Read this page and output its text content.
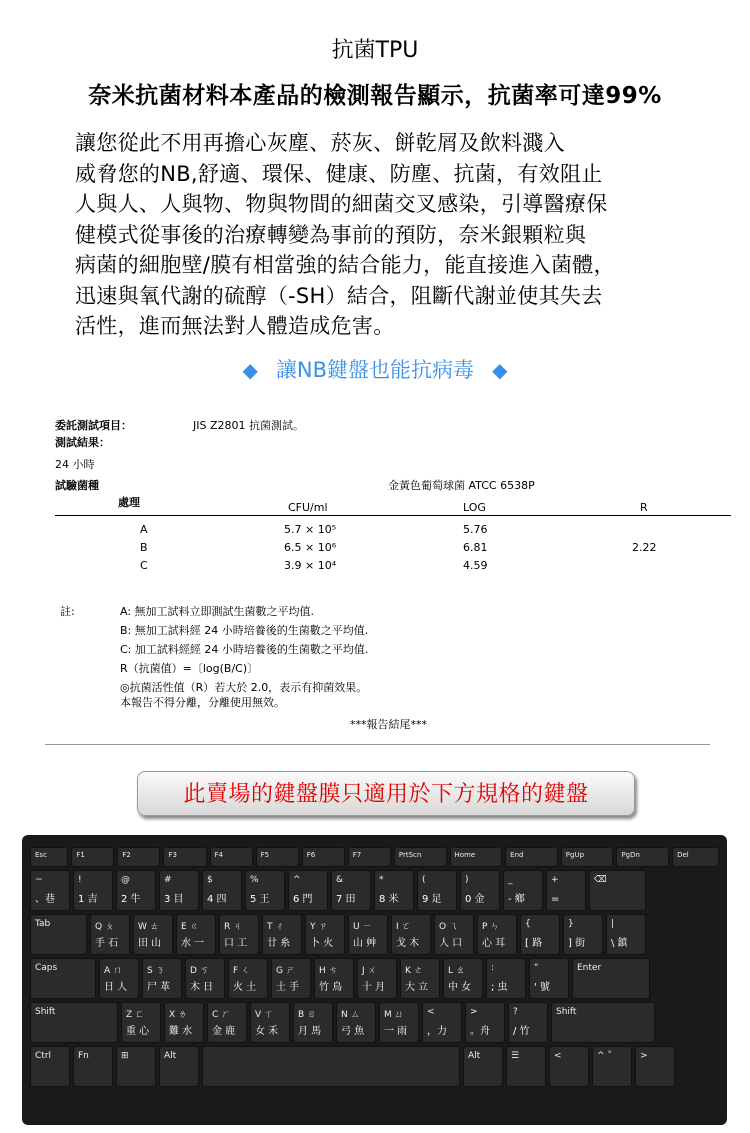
抗菌TPU
奈米抗菌材料本產品的檢測報告顯示，抗菌率可達99%
讓您從此不用再擔心灰塵、菸灰、餅乾屑及飲料濺入
威脅您的NB,舒適、環保、健康、防塵、抗菌，有效阻止
人與人、人與物、物與物間的細菌交叉感染，引導醫療保
健模式從事後的治療轉變為事前的預防，奈米銀顆粒與
病菌的細胞壁/膜有相當強的結合能力，能直接進入菌體，
迅速與氧代謝的硫醇（-SH）結合，阻斷代謝並使其失去
活性，進而無法對人體造成危害。
◆ 讓NB鍵盤也能抗病毒 ◆
委託測試項目：	JIS Z2801 抗菌測試。
測試結果：
24 小時
試驗菌種	金黃色葡萄球菌 ATCC 6538P
處理	CFU/ml	LOG	R
A	5.7 × 10⁵	5.76
B	6.5 × 10⁶	6.81	2.22
C	3.9 × 10⁴	4.59
註:	A: 無加工試料立即測試生菌數之平均值.
B: 無加工試料經 24 小時培養後的生菌數之平均值.
C: 加工試料經經 24 小時培養後的生菌數之平均值.
R（抗菌值）=〔log(B/C)〕
◎抗菌活性值（R）若大於 2.0，表示有抑菌效果。
本報告不得分離，分離使用無效。
***報告結尾***
此賣場的鍵盤膜只適用於下方規格的鍵盤
Esc	F1	F2	F3	F4	F5	F6	F7	PrtScn	Home	End	PgUp	PgDn	Del
~
、巷
!
1 吉
@
2 牛
#
3 目
$
4 四
%
5 王
^
6 門
&
7 田
*
8 米
(
9 足
)
0 金
_
- 鄉
+
=
⌫
Tab	Q ㄆ
手 石
W ㄊ
田 山
E ㄍ
水 一
R ㄐ
口 工
T ㄔ
廿 糸
Y ㄗ
卜 火
U ㄧ
山 艸
I ㄛ
戈 木
O ㄟ
人 口
P ㄣ
心 耳
{
[ 路
}
] 街
|
\ 鎮
Caps	A ㄇ
日 人
S ㄋ
尸 革
D ㄎ
木 日
F ㄑ
火 土
G ㄕ
土 手
H ㄘ
竹 鳥
J ㄨ
十 月
K ㄜ
大 立
L ㄠ
中 女
:
; 虫
"
' 號
Enter
Shift	Z ㄈ
重 心
X ㄌ
難 水
C ㄏ
金 鹿
V ㄒ
女 禾
B ㄖ
月 馬
N ㄙ
弓 魚
M ㄩ
一 雨
<
，力
>
。舟
?
/ 竹
Shift
Ctrl	Fn	⊞	Alt	Alt	☰	<	^ ˅	>
